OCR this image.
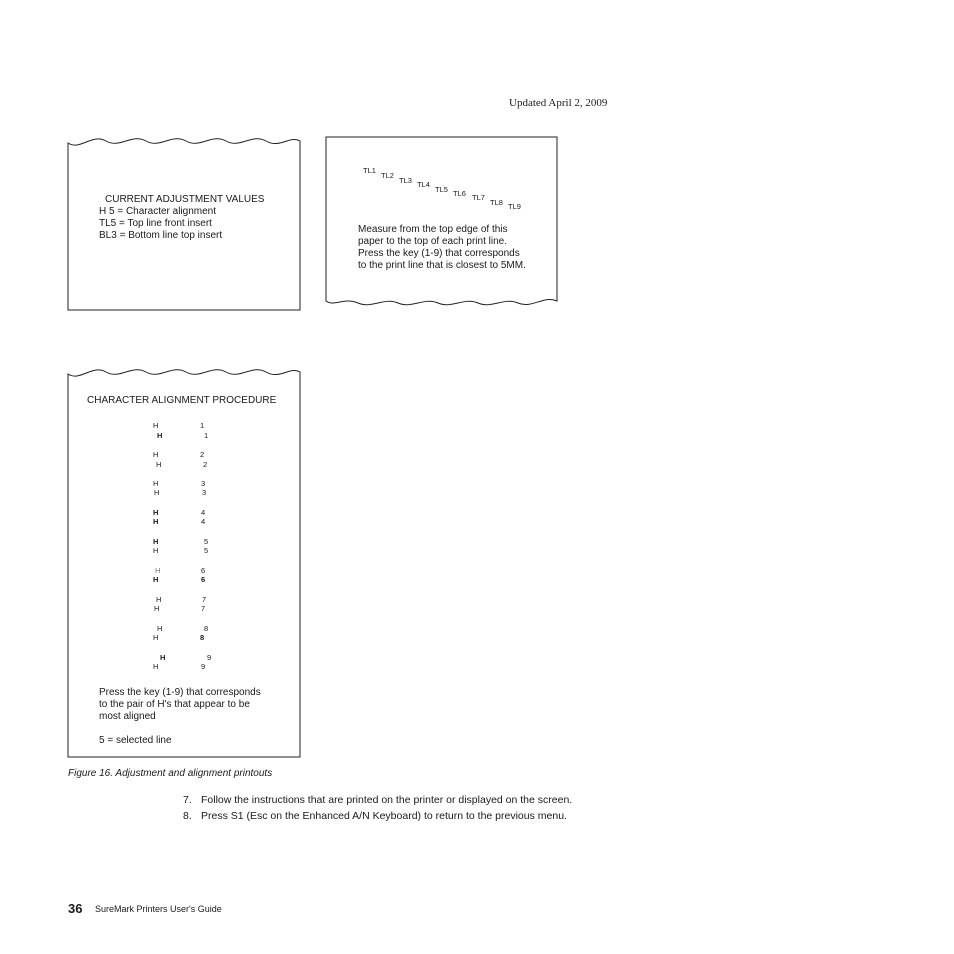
Updated April 2, 2009
CURRENT ADJUSTMENT VALUES
H 5 = Character alignment
TL5 = Top line front insert
BL3 = Bottom line top insert
TL1
TL2
TL3 TL4
TL5 TL6 TL7
TL8 TL9
Measure from the top edge of this
paper to the top of each print line.
Press the key (1-9) that corresponds
to the print line that is closest to 5MM.
CHARACTER ALIGNMENT PROCEDURE
H	1
H	1
H	2
H	2
H	3
H	3
H	4
H	4
H	5
H	5
H	6
H	6
H	7
H	7
H	8
H	8
H	9
H	9
Press the key (1-9) that corresponds
to the pair of H's that appear to be
most aligned
5 = selected line
Figure 16. Adjustment and alignment printouts
7. Follow the instructions that are printed on the printer or displayed on the screen.
8. Press S1 (Esc on the Enhanced A/N Keyboard) to return to the previous menu.
36 SureMark Printers User's Guide
